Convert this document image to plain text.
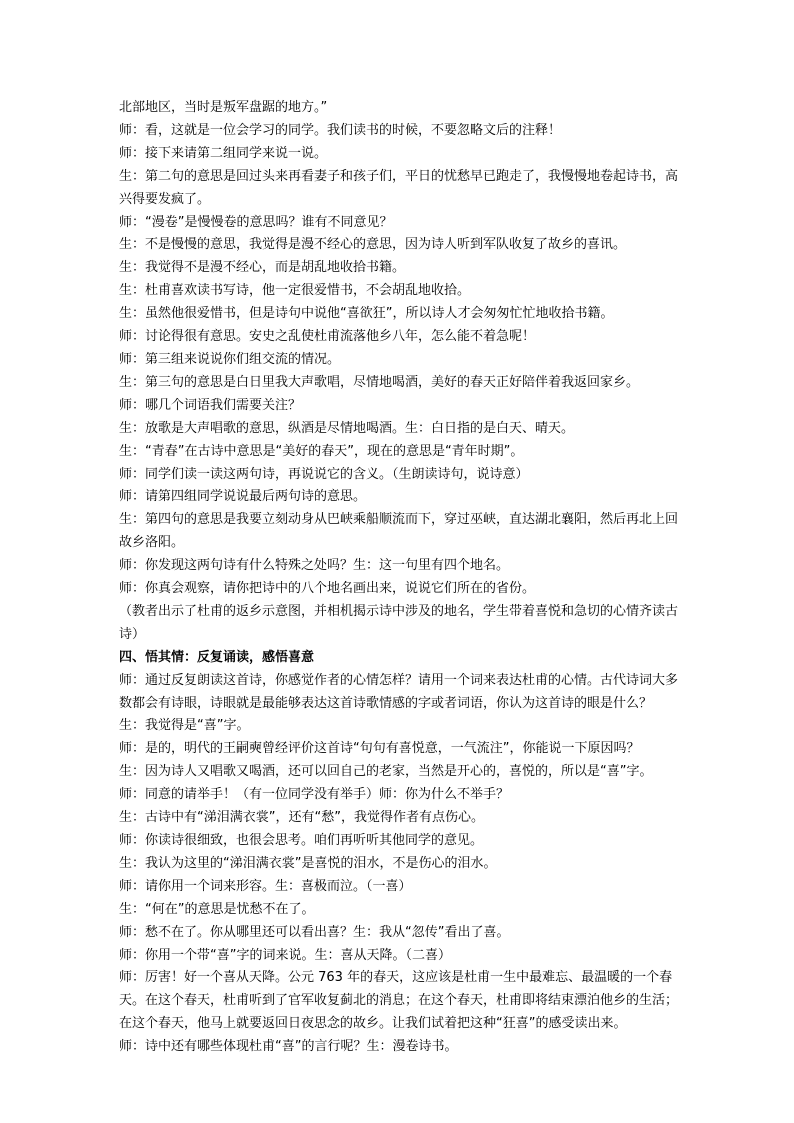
北部地区，当时是叛军盘踞的地方。”

师：看，这就是一位会学习的同学。我们读书的时候，不要忽略文后的注释！

师：接下来请第二组同学来说一说。

生：第二句的意思是回过头来再看妻子和孩子们，平日的忧愁早已跑走了，我慢慢地卷起诗书，高兴得要发疯了。

师：“漫卷”是慢慢卷的意思吗？谁有不同意见？

生：不是慢慢的意思，我觉得是漫不经心的意思，因为诗人听到军队收复了故乡的喜讯。

生：我觉得不是漫不经心，而是胡乱地收拾书籍。

生：杜甫喜欢读书写诗，他一定很爱惜书，不会胡乱地收拾。

生：虽然他很爱惜书，但是诗句中说他“喜欲狂”，所以诗人才会匆匆忙忙地收拾书籍。

师：讨论得很有意思。安史之乱使杜甫流落他乡八年，怎么能不着急呢！

师：第三组来说说你们组交流的情况。

生：第三句的意思是白日里我大声歌唱，尽情地喝酒，美好的春天正好陪伴着我返回家乡。

师：哪几个词语我们需要关注？

生：放歌是大声唱歌的意思，纵酒是尽情地喝酒。生：白日指的是白天、晴天。

生：“青春”在古诗中意思是“美好的春天”，现在的意思是“青年时期”。

师：同学们读一读这两句诗，再说说它的含义。（生朗读诗句，说诗意）

师：请第四组同学说说最后两句诗的意思。

生：第四句的意思是我要立刻动身从巴峡乘船顺流而下，穿过巫峡，直达湖北襄阳，然后再北上回故乡洛阳。

师：你发现这两句诗有什么特殊之处吗？生：这一句里有四个地名。

师：你真会观察，请你把诗中的八个地名画出来，说说它们所在的省份。

（教者出示了杜甫的返乡示意图，并相机揭示诗中涉及的地名，学生带着喜悦和急切的心情齐读古诗）

四、悟其情：反复诵读，感悟喜意

师：通过反复朗读这首诗，你感觉作者的心情怎样？请用一个词来表达杜甫的心情。古代诗词大多数都会有诗眼，诗眼就是最能够表达这首诗歌情感的字或者词语，你认为这首诗的眼是什么？

生：我觉得是“喜”字。

师：是的，明代的王嗣奭曾经评价这首诗“句句有喜悦意，一气流注”，你能说一下原因吗？

生：因为诗人又唱歌又喝酒，还可以回自己的老家，当然是开心的，喜悦的，所以是“喜”字。

师：同意的请举手！（有一位同学没有举手）师：你为什么不举手？

生：古诗中有“涕泪满衣裳”，还有“愁”，我觉得作者有点伤心。

师：你读诗很细致，也很会思考。咱们再听听其他同学的意见。

生：我认为这里的“涕泪满衣裳”是喜悦的泪水，不是伤心的泪水。

师：请你用一个词来形容。生：喜极而泣。（一喜）

生：“何在”的意思是忧愁不在了。

师：愁不在了。你从哪里还可以看出喜？生：我从“忽传”看出了喜。

师：你用一个带“喜”字的词来说。生：喜从天降。（二喜）

师：厉害！好一个喜从天降。公元 763 年的春天，这应该是杜甫一生中最难忘、最温暖的一个春天。在这个春天，杜甫听到了官军收复蓟北的消息；在这个春天，杜甫即将结束漂泊他乡的生活；在这个春天，他马上就要返回日夜思念的故乡。让我们试着把这种“狂喜”的感受读出来。

师：诗中还有哪些体现杜甫“喜”的言行呢？生：漫卷诗书。
